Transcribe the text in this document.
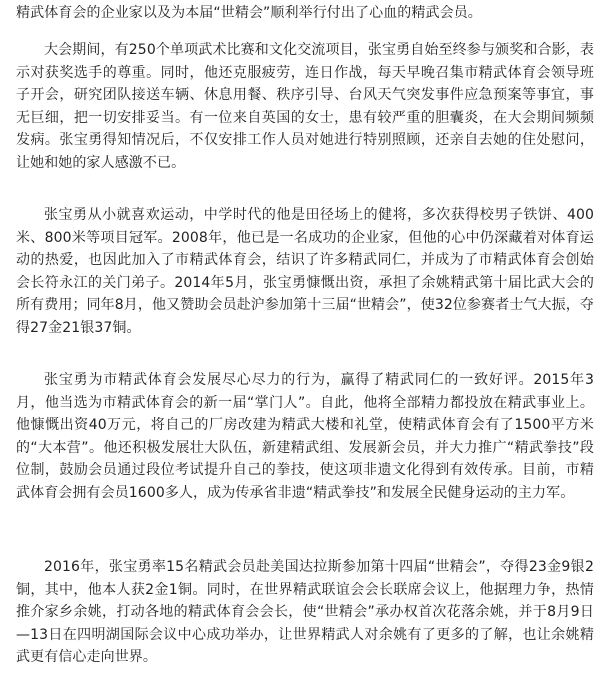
精武体育会的企业家以及为本届“世精会”顺利举行付出了心血的精武会员。

大会期间，有250个单项武术比赛和文化交流项目，张宝勇自始至终参与颁奖和合影，表示对获奖选手的尊重。同时，他还克服疲劳，连日作战，每天早晚召集市精武体育会领导班子开会，研究团队接送车辆、休息用餐、秩序引导、台风天气突发事件应急预案等事宜，事无巨细，把一切安排妥当。有一位来自英国的女士，患有较严重的胆囊炎，在大会期间频频发病。张宝勇得知情况后，不仅安排工作人员对她进行特别照顾，还亲自去她的住处慰问，让她和她的家人感激不已。

张宝勇从小就喜欢运动，中学时代的他是田径场上的健将，多次获得校男子铁饼、400米、800米等项目冠军。2008年，他已是一名成功的企业家，但他的心中仍深藏着对体育运动的热爱，也因此加入了市精武体育会，结识了许多精武同仁，并成为了市精武体育会创始会长符永江的关门弟子。2014年5月，张宝勇慷慨出资，承担了余姚精武第十届比武大会的所有费用；同年8月，他又赞助会员赴沪参加第十三届“世精会”，使32位参赛者士气大振，夺得27金21银37铜。

张宝勇为市精武体育会发展尽心尽力的行为，赢得了精武同仁的一致好评。2015年3月，他当选为市精武体育会的新一届“掌门人”。自此，他将全部精力都投放在精武事业上。他慷慨出资40万元，将自己的厂房改建为精武大楼和礼堂，使精武体育会有了1500平方米的“大本营”。他还积极发展壮大队伍，新建精武组、发展新会员，并大力推广“精武拳技”段位制，鼓励会员通过段位考试提升自己的拳技，使这项非遗文化得到有效传承。目前，市精武体育会拥有会员1600多人，成为传承省非遗“精武拳技”和发展全民健身运动的主力军。

2016年，张宝勇率15名精武会员赴美国达拉斯参加第十四届“世精会”，夺得23金9银2铜，其中，他本人获2金1铜。同时，在世界精武联谊会会长联席会议上，他据理力争，热情推介家乡余姚，打动各地的精武体育会会长，使“世精会”承办权首次花落余姚，并于8月9日—13日在四明湖国际会议中心成功举办，让世界精武人对余姚有了更多的了解，也让余姚精武更有信心走向世界。
